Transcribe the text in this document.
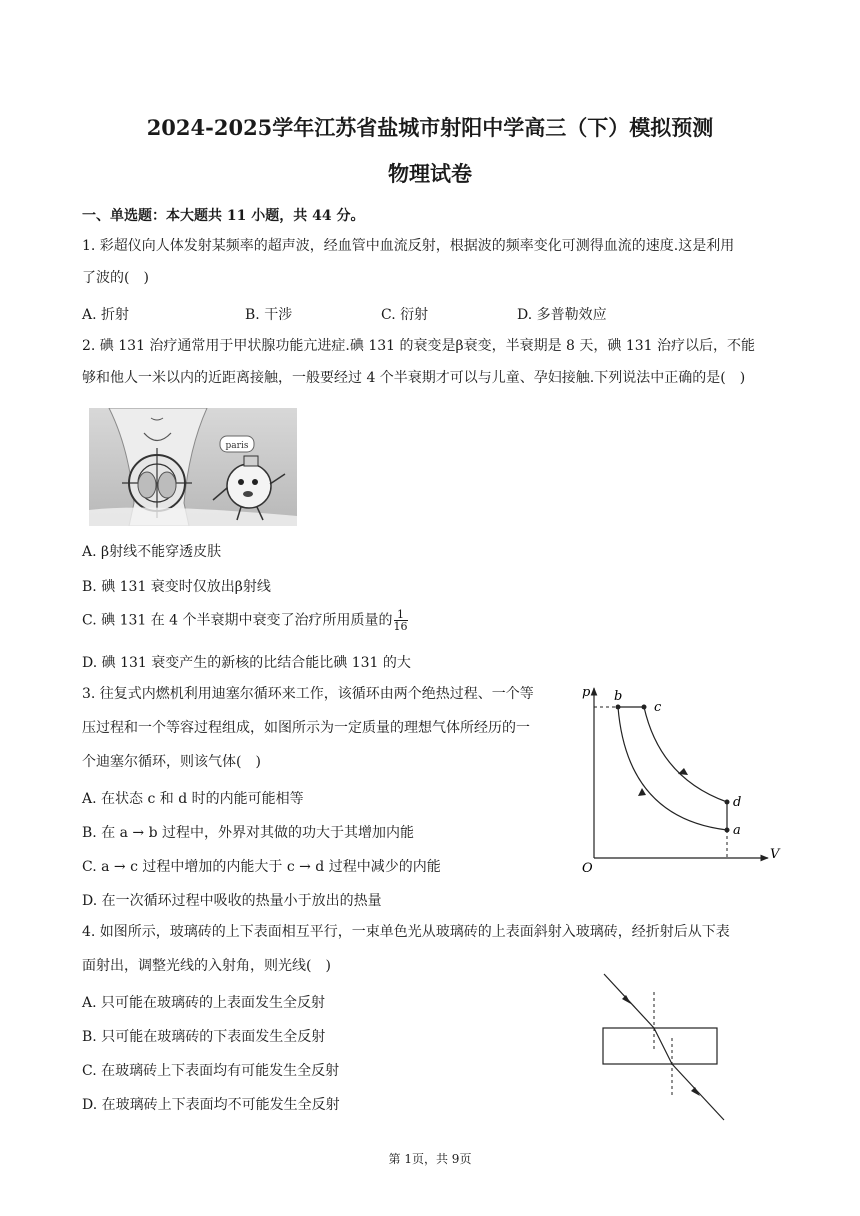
2024-2025学年江苏省盐城市射阳中学高三（下）模拟预测
物理试卷
一、单选题：本大题共 11 小题，共 44 分。
1. 彩超仪向人体发射某频率的超声波，经血管中血流反射，根据波的频率变化可测得血流的速度.这是利用
了波的(　)
A. 折射	B. 干涉	C. 衍射	D. 多普勒效应
2. 碘 131 治疗通常用于甲状腺功能亢进症.碘 131 的衰变是β衰变，半衰期是 8 天，碘 131 治疗以后，不能
够和他人一米以内的近距离接触，一般要经过 4 个半衰期才可以与儿童、孕妇接触.下列说法中正确的是(　)
paris
A. β射线不能穿透皮肤
B. 碘 131 衰变时仅放出β射线
C. 碘 131 在 4 个半衰期中衰变了治疗所用质量的 $\frac{1}{16}$
D. 碘 131 衰变产生的新核的比结合能比碘 131 的大
3. 往复式内燃机利用迪塞尔循环来工作，该循环由两个绝热过程、一个等
压过程和一个等容过程组成，如图所示为一定质量的理想气体所经历的一
个迪塞尔循环，则该气体(　)
A. 在状态 c 和 d 时的内能可能相等
B. 在 a → b 过程中，外界对其做的功大于其增加内能
C. a → c 过程中增加的内能大于 c → d 过程中减少的内能
D. 在一次循环过程中吸收的热量小于放出的热量
p
V
O
b
c
d
a
4. 如图所示，玻璃砖的上下表面相互平行，一束单色光从玻璃砖的上表面斜射入玻璃砖，经折射后从下表
面射出，调整光线的入射角，则光线(　)
A. 只可能在玻璃砖的上表面发生全反射
B. 只可能在玻璃砖的下表面发生全反射
C. 在玻璃砖上下表面均有可能发生全反射
D. 在玻璃砖上下表面均不可能发生全反射
第 1页，共 9页
